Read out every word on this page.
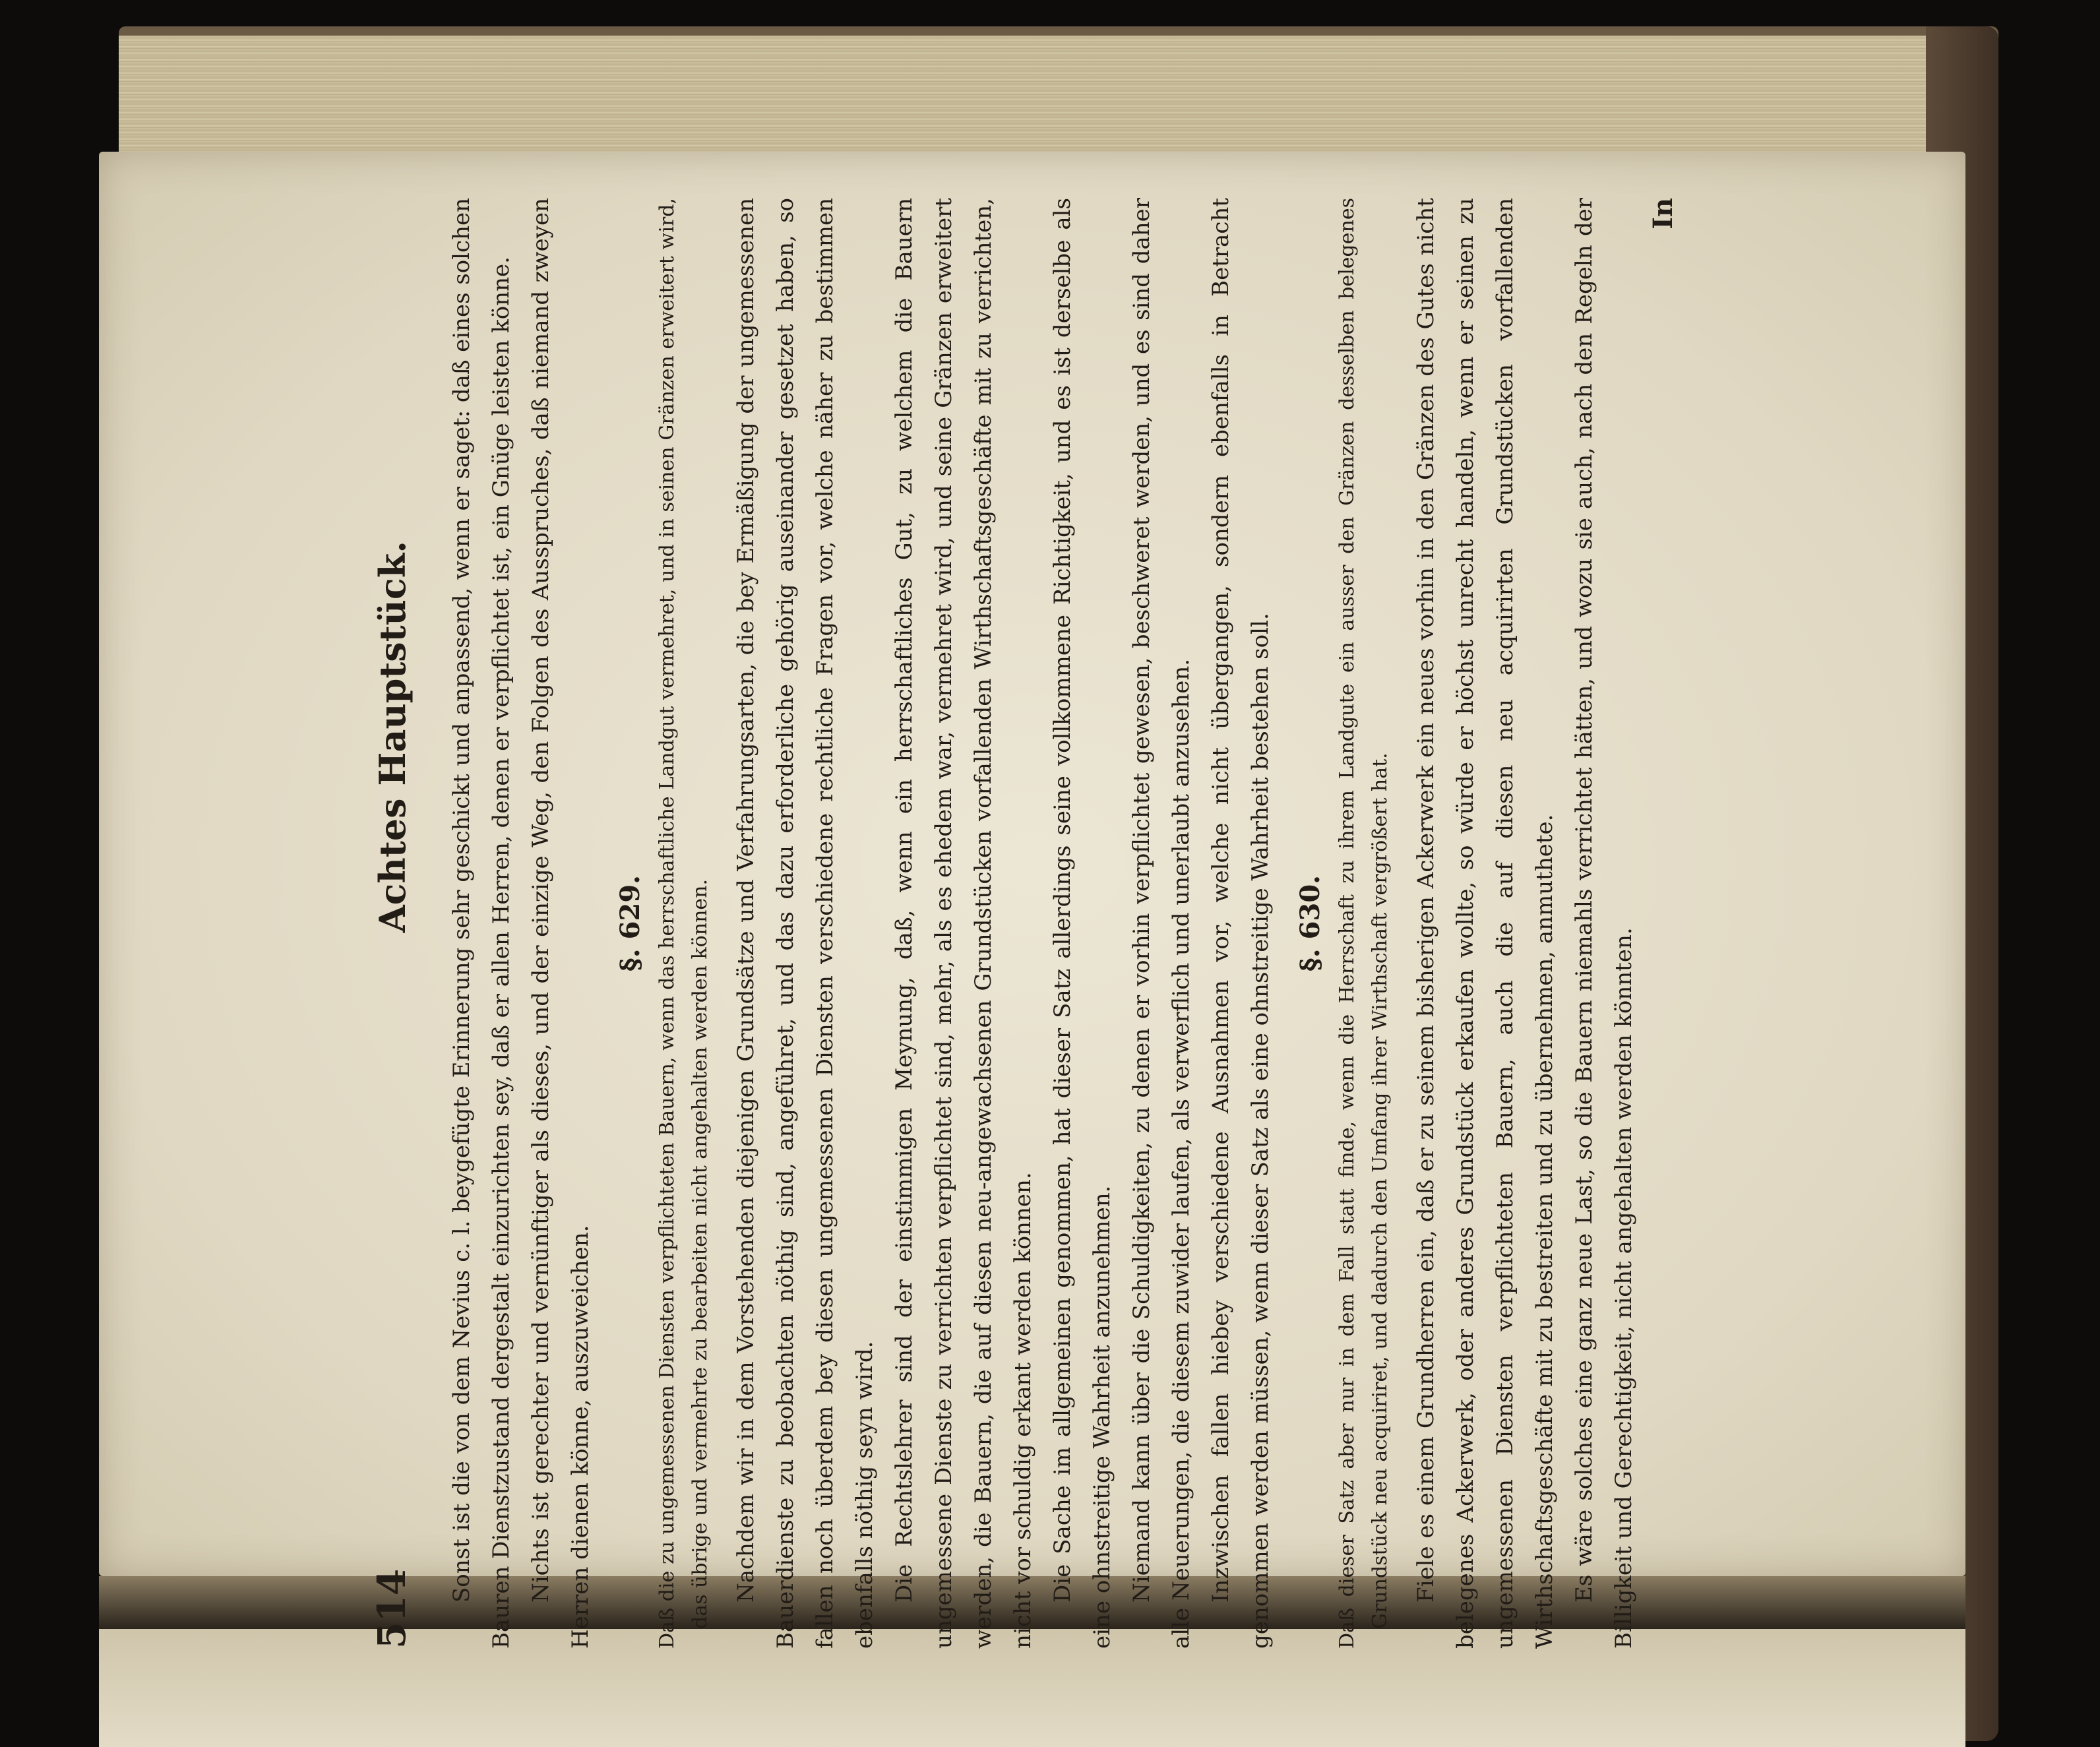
514
Achtes Hauptstück. Sonst ist die von dem Nevius c. l. beygefügte Erinnerung sehr geschickt und anpassend, wenn er saget: daß eines solchen Bauren Dienstzustand dergestalt einzurichten sey, daß er allen Herren, denen er verpflichtet ist, ein Gnüge leisten könne. Nichts ist gerechter und vernünftiger als dieses, und der einzige Weg, den Folgen des Ausspruches, daß niemand zweyen Herren dienen könne, auszuweichen.

§. 629. Daß die zu ungemessenen Diensten verpflichteten Bauern, wenn das herrschaftliche Landgut vermehret, und in seinen Gränzen erweitert wird, das übrige und vermehrte zu bearbeiten nicht angehalten werden können. Nachdem wir in dem Vorstehenden diejenigen Grundsätze und Verfahrungsarten, die bey Ermäßigung der ungemessenen Bauerdienste zu beobachten nöthig sind, angeführet, und das dazu erforderliche gehörig auseinander gesetzet haben, so fallen noch überdem bey diesen ungemessenen Diensten verschiedene rechtliche Fragen vor, welche näher zu bestimmen ebenfalls nöthig seyn wird. Die Rechtslehrer sind der einstimmigen Meynung, daß, wenn ein herrschaftliches Gut, zu welchem die Bauern ungemessene Dienste zu verrichten verpflichtet sind, mehr, als es ehedem war, vermehret wird, und seine Gränzen erweitert werden, die Bauern, die auf diesen neu-angewachsenen Grundstücken vorfallenden Wirthschaftsgeschäfte mit zu verrichten, nicht vor schuldig erkant werden können. Die Sache im allgemeinen genommen, hat dieser Satz allerdings seine vollkommene Richtigkeit, und es ist derselbe als eine ohnstreitige Wahrheit anzunehmen. Niemand kann über die Schuldigkeiten, zu denen er vorhin verpflichtet gewesen, beschweret werden, und es sind daher alle Neuerungen, die diesem zuwider laufen, als verwerflich und unerlaubt anzusehen. Inzwischen fallen hiebey verschiedene Ausnahmen vor, welche nicht übergangen, sondern ebenfalls in Betracht genommen werden müssen, wenn dieser Satz als eine ohnstreitige Wahrheit bestehen soll. §. 630. Daß dieser Satz aber nur in dem Fall statt finde, wenn die Herrschaft zu ihrem Landgute ein ausser den Gränzen desselben belegenes Grundstück neu acquiriret, und dadurch den Umfang ihrer Wirthschaft vergrößert hat. Fiele es einem Grundherren ein, daß er zu seinem bisherigen Ackerwerk ein neues vorhin in den Gränzen des Gutes nicht belegenes Ackerwerk, oder anderes Grundstück erkaufen wollte, so würde er höchst unrecht handeln, wenn er seinen zu ungemessenen Diensten verpflichteten Bauern, auch die auf diesen neu acquirirten Grundstücken vorfallenden Wirthschaftsgeschäfte mit zu bestreiten und zu übernehmen, anmuthete. Es wäre solches eine ganz neue Last, so die Bauern niemahls verrichtet hätten, und wozu sie auch, nach den Regeln der Billigkeit und Gerechtigkeit, nicht angehalten werden könnten.

In
